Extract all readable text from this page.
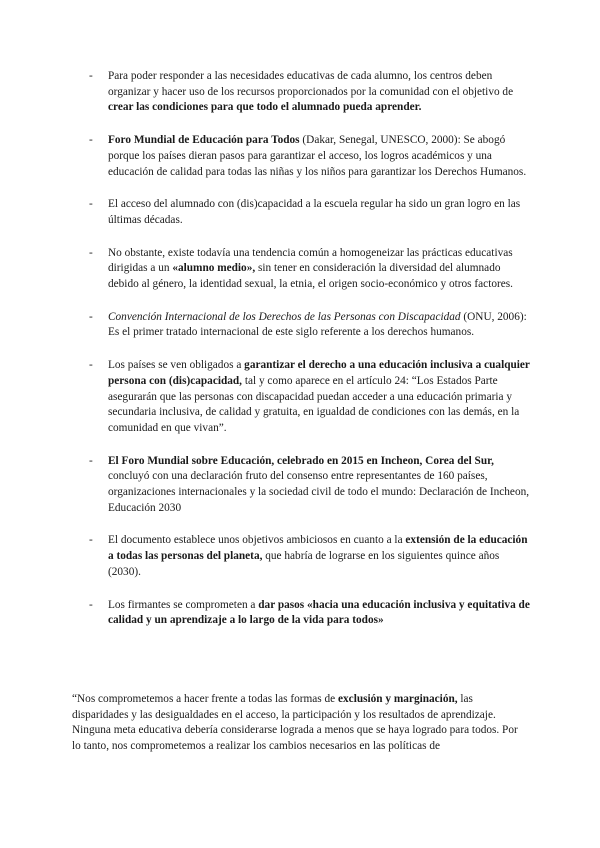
- Para poder responder a las necesidades educativas de cada alumno, los centros deben organizar y hacer uso de los recursos proporcionados por la comunidad con el objetivo de crear las condiciones para que todo el alumnado pueda aprender.
- Foro Mundial de Educación para Todos (Dakar, Senegal, UNESCO, 2000): Se abogó porque los países dieran pasos para garantizar el acceso, los logros académicos y una educación de calidad para todas las niñas y los niños para garantizar los Derechos Humanos.
- El acceso del alumnado con (dis)capacidad a la escuela regular ha sido un gran logro en las últimas décadas.
- No obstante, existe todavía una tendencia común a homogeneizar las prácticas educativas dirigidas a un «alumno medio», sin tener en consideración la diversidad del alumnado debido al género, la identidad sexual, la etnia, el origen socio-económico y otros factores.
- Convención Internacional de los Derechos de las Personas con Discapacidad (ONU, 2006): Es el primer tratado internacional de este siglo referente a los derechos humanos.
- Los países se ven obligados a garantizar el derecho a una educación inclusiva a cualquier persona con (dis)capacidad, tal y como aparece en el artículo 24: “Los Estados Parte asegurarán que las personas con discapacidad puedan acceder a una educación primaria y secundaria inclusiva, de calidad y gratuita, en igualdad de condiciones con las demás, en la comunidad en que vivan”.
- El Foro Mundial sobre Educación, celebrado en 2015 en Incheon, Corea del Sur, concluyó con una declaración fruto del consenso entre representantes de 160 países, organizaciones internacionales y la sociedad civil de todo el mundo: Declaración de Incheon, Educación 2030
- El documento establece unos objetivos ambiciosos en cuanto a la extensión de la educación a todas las personas del planeta, que habría de lograrse en los siguientes quince años (2030).
- Los firmantes se comprometen a dar pasos «hacia una educación inclusiva y equitativa de calidad y un aprendizaje a lo largo de la vida para todos»

“Nos comprometemos a hacer frente a todas las formas de exclusión y marginación, las disparidades y las desigualdades en el acceso, la participación y los resultados de aprendizaje. Ninguna meta educativa debería considerarse lograda a menos que se haya logrado para todos. Por lo tanto, nos comprometemos a realizar los cambios necesarios en las políticas de
